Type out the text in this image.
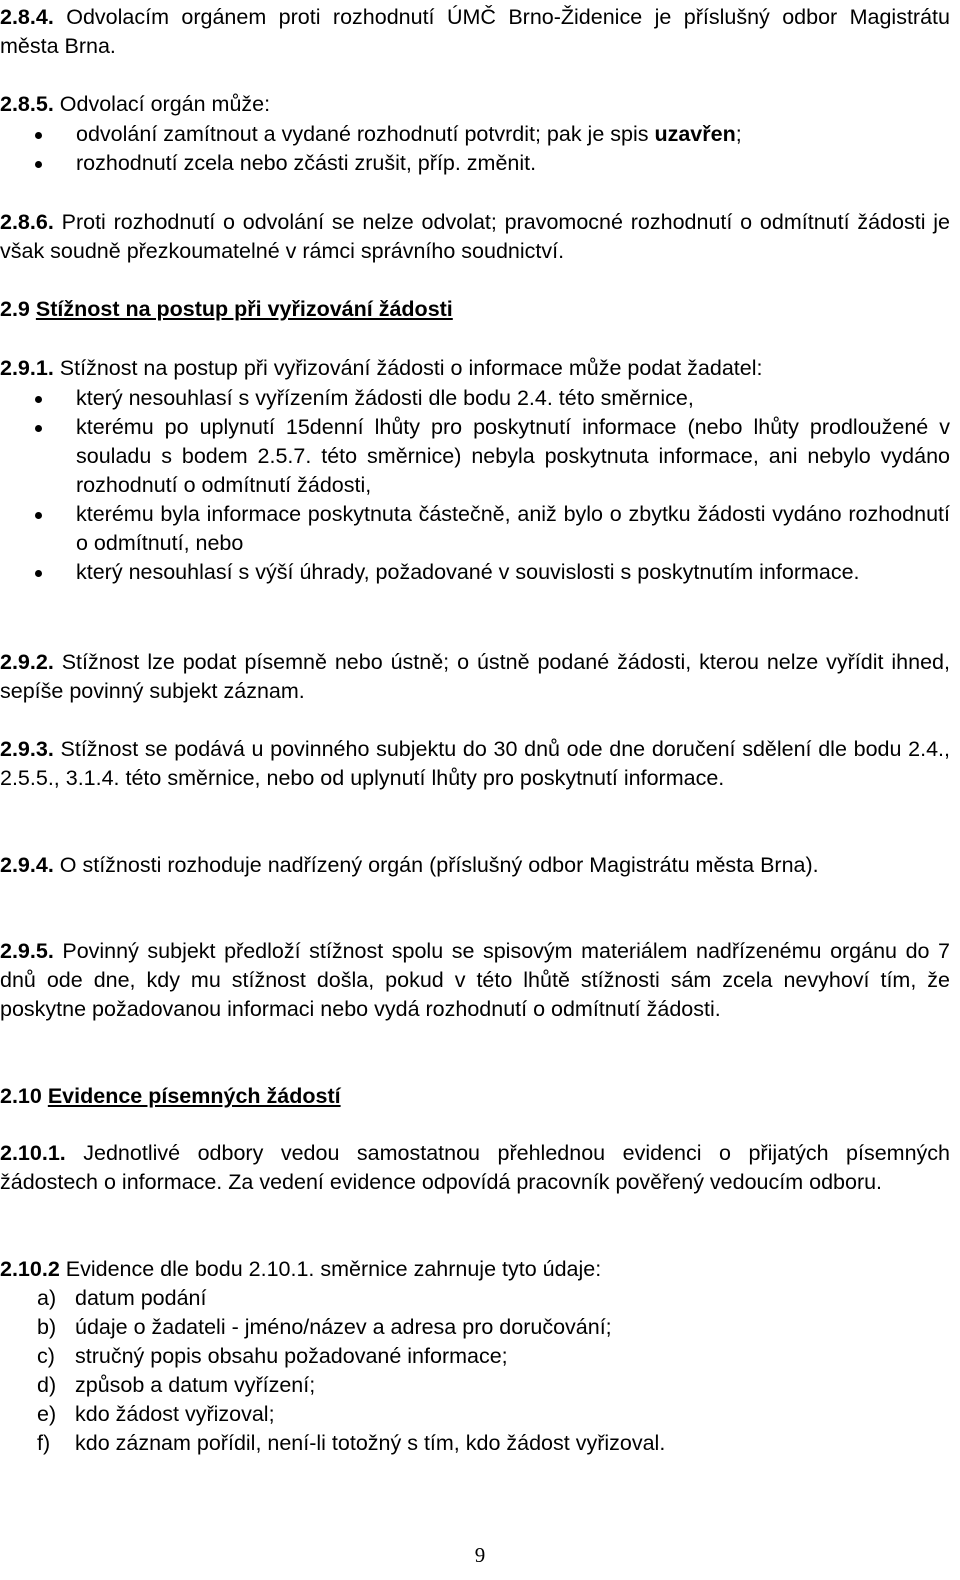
2.8.4. Odvolacím orgánem proti rozhodnutí ÚMČ Brno-Židenice je příslušný odbor Magistrátu města Brna.
2.8.5. Odvolací orgán může:
odvolání zamítnout a vydané rozhodnutí potvrdit; pak je spis uzavřen;
rozhodnutí zcela nebo zčásti zrušit, příp. změnit.
2.8.6. Proti rozhodnutí o odvolání se nelze odvolat; pravomocné rozhodnutí o odmítnutí žádosti je však soudně přezkoumatelné v rámci správního soudnictví.
2.9 Stížnost na postup při vyřizování žádosti
2.9.1. Stížnost na postup při vyřizování žádosti o informace může podat žadatel:
který nesouhlasí s vyřízením žádosti dle bodu 2.4. této směrnice,
kterému po uplynutí 15denní lhůty pro poskytnutí informace (nebo lhůty prodloužené v souladu s bodem 2.5.7. této směrnice) nebyla poskytnuta informace, ani nebylo vydáno rozhodnutí o odmítnutí žádosti,
kterému byla informace poskytnuta částečně, aniž bylo o zbytku žádosti vydáno rozhodnutí o odmítnutí, nebo
který nesouhlasí s výší úhrady, požadované v souvislosti s poskytnutím informace.
2.9.2. Stížnost lze podat písemně nebo ústně; o ústně podané žádosti, kterou nelze vyřídit ihned, sepíše povinný subjekt záznam.
2.9.3. Stížnost se podává u povinného subjektu do 30 dnů ode dne doručení sdělení dle bodu 2.4., 2.5.5., 3.1.4. této směrnice, nebo od uplynutí lhůty pro poskytnutí informace.
2.9.4. O stížnosti rozhoduje nadřízený orgán (příslušný odbor Magistrátu města Brna).
2.9.5. Povinný subjekt předloží stížnost spolu se spisovým materiálem nadřízenému orgánu do 7 dnů ode dne, kdy mu stížnost došla, pokud v této lhůtě stížnosti sám zcela nevyhoví tím, že poskytne požadovanou informaci nebo vydá rozhodnutí o odmítnutí žádosti.
2.10 Evidence písemných žádostí
2.10.1. Jednotlivé odbory vedou samostatnou přehlednou evidenci o přijatých písemných žádostech o informace. Za vedení evidence odpovídá pracovník pověřený vedoucím odboru.
2.10.2 Evidence dle bodu 2.10.1. směrnice zahrnuje tyto údaje:
a) datum podání
b) údaje o žadateli - jméno/název a adresa pro doručování;
c) stručný popis obsahu požadované informace;
d) způsob a datum vyřízení;
e) kdo žádost vyřizoval;
f) kdo záznam pořídil, není-li totožný s tím, kdo žádost vyřizoval.
9
